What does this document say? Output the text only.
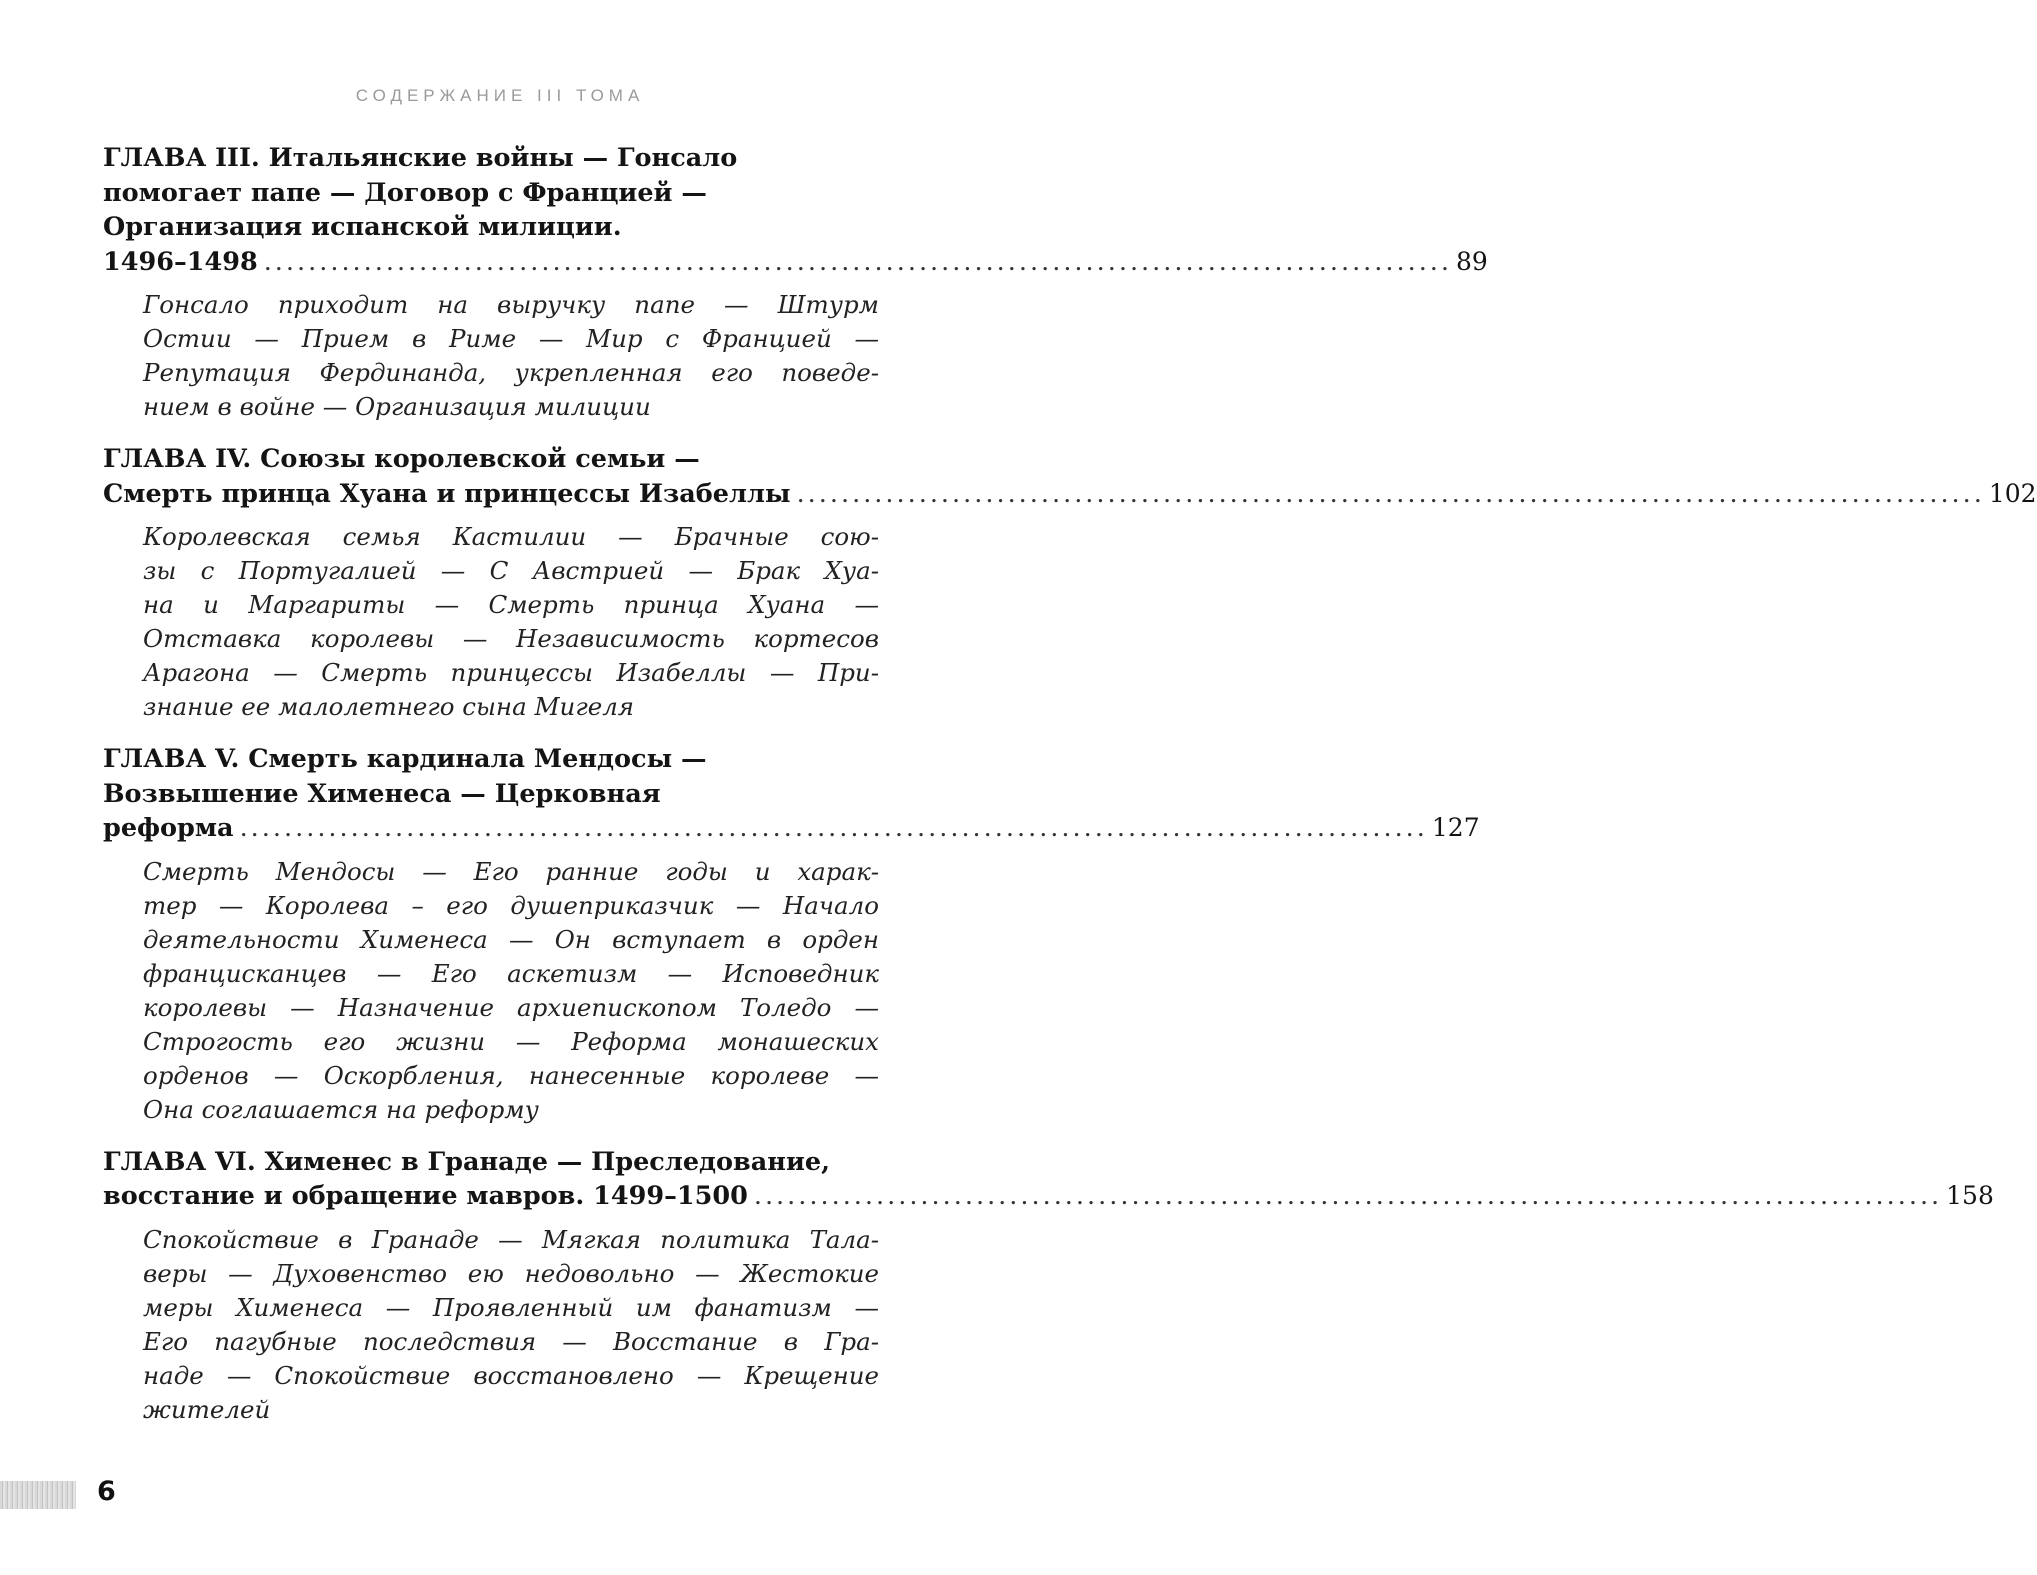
СОДЕРЖАНИЕ III ТОМА
ГЛАВА III. Итальянские войны — Гонсало
помогает папе — Договор с Францией —
Организация испанской милиции.
1496–1498 ........................................................................................................... 89
Гонсало приходит на выручку папе — Штурм
Остии — Прием в Риме — Мир с Францией —
Репутация Фердинанда, укрепленная его поведе-
нием в войне — Организация милиции
ГЛАВА IV. Союзы королевской семьи —
Смерть принца Хуана и принцессы Изабеллы ........................................................................................................... 102
Королевская семья Кастилии — Брачные сою-
зы с Португалией — С Австрией — Брак Хуа-
на и Маргариты — Смерть принца Хуана —
Отставка королевы — Независимость кортесов
Арагона — Смерть принцессы Изабеллы — При-
знание ее малолетнего сына Мигеля
ГЛАВА V. Смерть кардинала Мендосы —
Возвышение Хименеса — Церковная
реформа ........................................................................................................... 127
Смерть Мендосы — Его ранние годы и харак-
тер — Королева – его душеприказчик — Начало
деятельности Хименеса — Он вступает в орден
францисканцев — Его аскетизм — Исповедник
королевы — Назначение архиепископом Толедо —
Строгость его жизни — Реформа монашеских
орденов — Оскорбления, нанесенные королеве —
Она соглашается на реформу
ГЛАВА VI. Хименес в Гранаде — Преследование,
восстание и обращение мавров. 1499–1500 ........................................................................................................... 158
Спокойствие в Гранаде — Мягкая политика Тала-
веры — Духовенство ею недовольно — Жестокие
меры Хименеса — Проявленный им фанатизм —
Его пагубные последствия — Восстание в Гра-
наде — Спокойствие восстановлено — Крещение
жителей
6
